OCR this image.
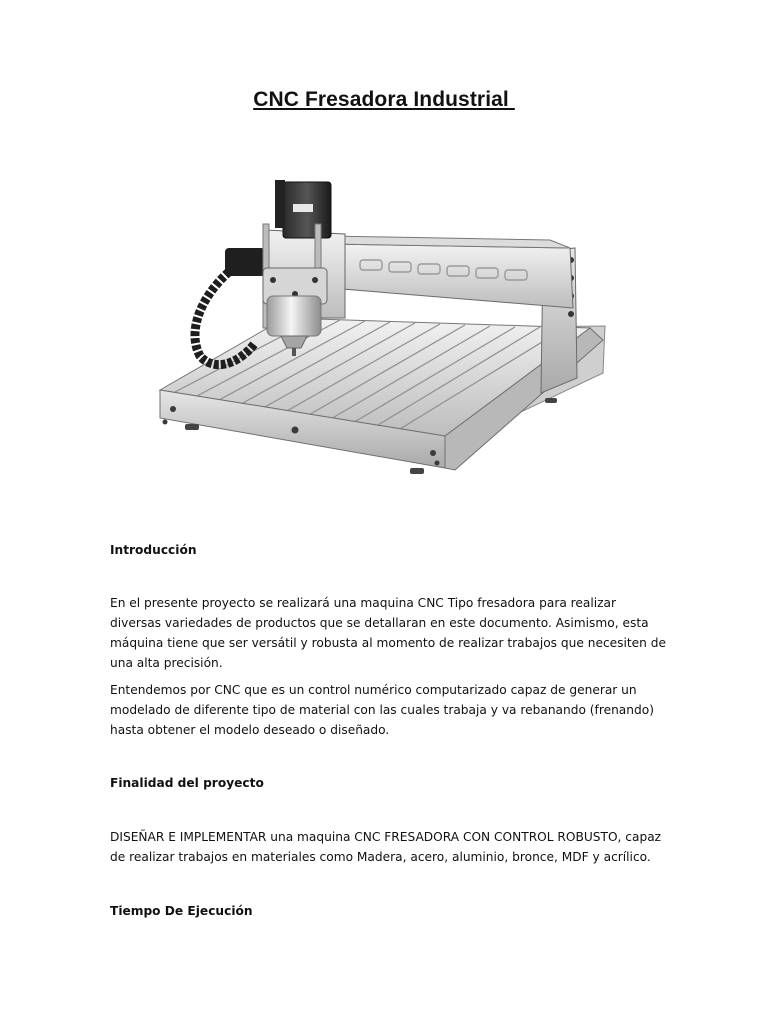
CNC Fresadora Industrial

Introducción

En el presente proyecto se realizará una maquina CNC Tipo fresadora para realizar diversas variedades de productos que se detallaran en este documento. Asimismo, esta máquina tiene que ser versátil y robusta al momento de realizar trabajos que necesiten de una alta precisión.

Entendemos por CNC que es un control numérico computarizado capaz de generar un modelado de diferente tipo de material con las cuales trabaja y va rebanando (frenando) hasta obtener el modelo deseado o diseñado.

Finalidad del proyecto

DISEÑAR E IMPLEMENTAR una maquina CNC FRESADORA CON CONTROL ROBUSTO, capaz de realizar trabajos en materiales como Madera, acero, aluminio, bronce, MDF y acrílico.

Tiempo De Ejecución
